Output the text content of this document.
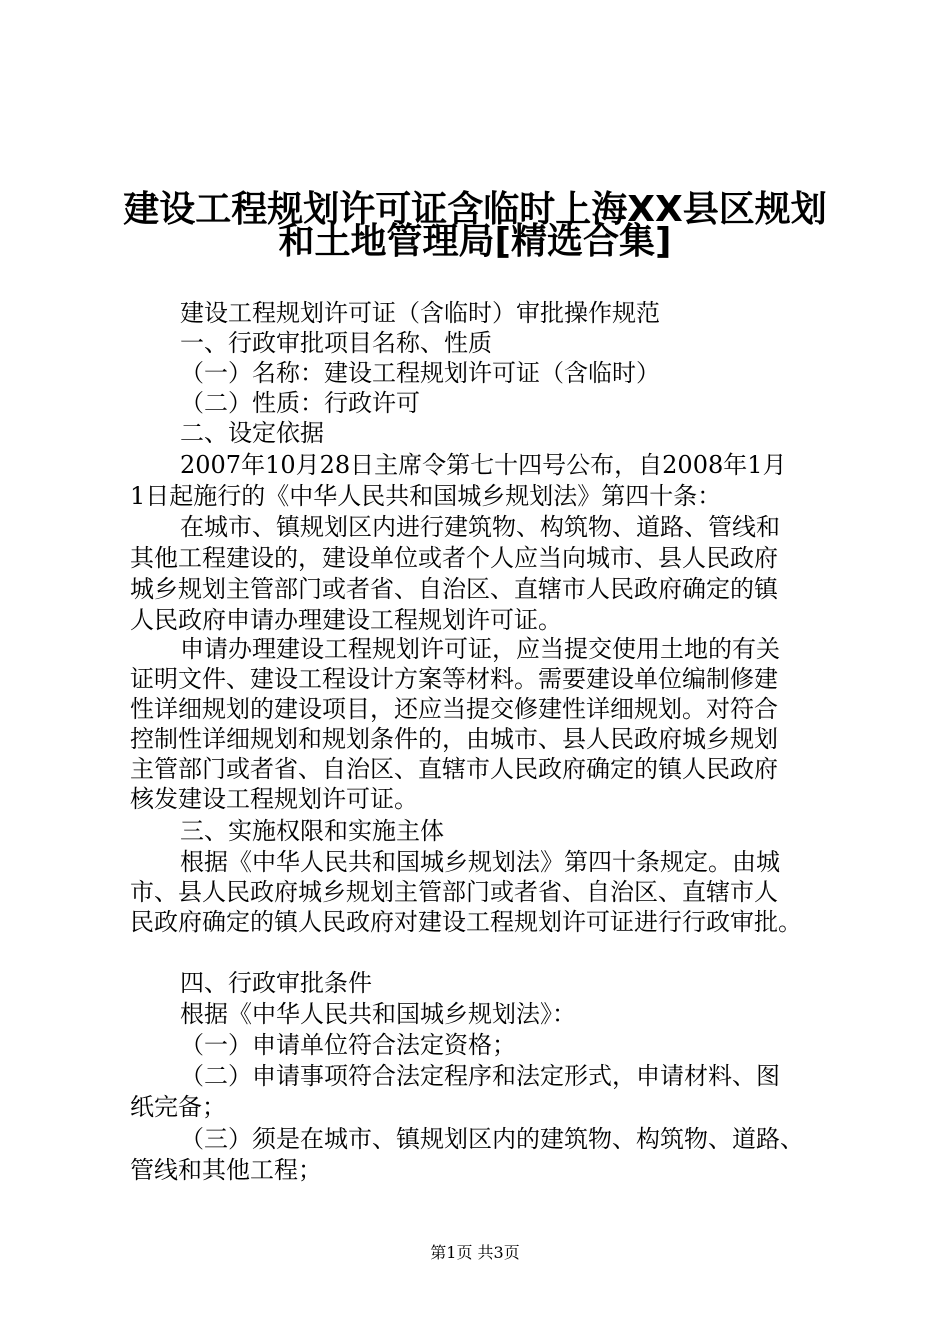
建设工程规划许可证含临时上海XX县区规划
和土地管理局[精选合集]
建设工程规划许可证（含临时）审批操作规范
一、行政审批项目名称、性质
（一）名称：建设工程规划许可证（含临时）
（二）性质：行政许可
二、设定依据
2007年10月28日主席令第七十四号公布，自2008年1月
1日起施行的《中华人民共和国城乡规划法》第四十条：
在城市、镇规划区内进行建筑物、构筑物、道路、管线和
其他工程建设的，建设单位或者个人应当向城市、县人民政府
城乡规划主管部门或者省、自治区、直辖市人民政府确定的镇
人民政府申请办理建设工程规划许可证。
申请办理建设工程规划许可证，应当提交使用土地的有关
证明文件、建设工程设计方案等材料。需要建设单位编制修建
性详细规划的建设项目，还应当提交修建性详细规划。对符合
控制性详细规划和规划条件的，由城市、县人民政府城乡规划
主管部门或者省、自治区、直辖市人民政府确定的镇人民政府
核发建设工程规划许可证。
三、实施权限和实施主体
根据《中华人民共和国城乡规划法》第四十条规定。由城
市、县人民政府城乡规划主管部门或者省、自治区、直辖市人
民政府确定的镇人民政府对建设工程规划许可证进行行政审批。
四、行政审批条件
根据《中华人民共和国城乡规划法》：
（一）申请单位符合法定资格；
（二）申请事项符合法定程序和法定形式，申请材料、图
纸完备；
（三）须是在城市、镇规划区内的建筑物、构筑物、道路、
管线和其他工程；
第1页 共3页
